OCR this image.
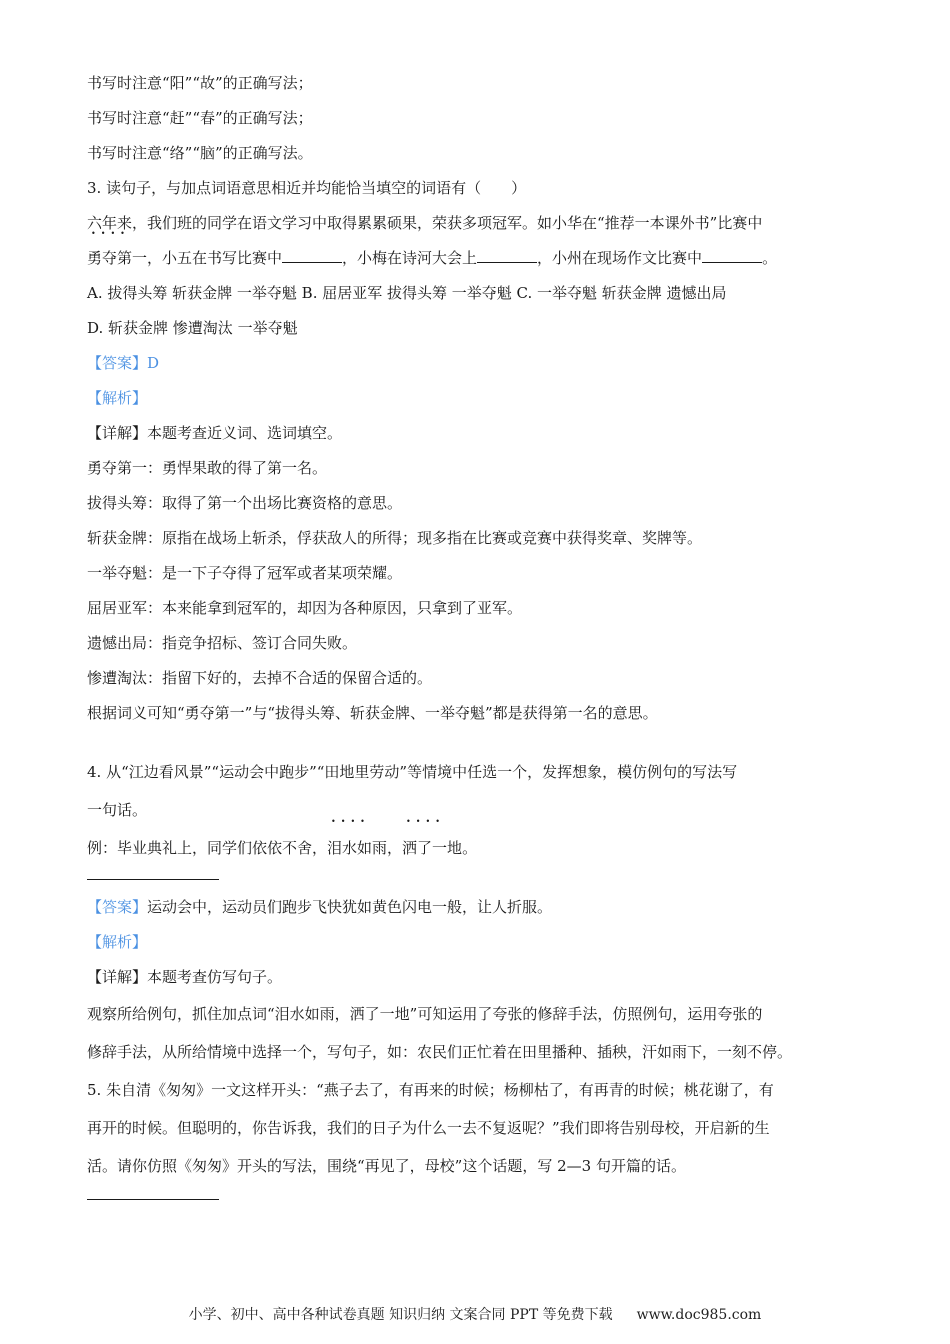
书写时注意“阳”“故”的正确写法；
书写时注意“赶”“春”的正确写法；
书写时注意“络”“脑”的正确写法。
3. 读句子，与加点词语意思相近并均能恰当填空的词语有（　　）
六年来，我们班的同学在语文学习中取得累累硕果，荣获多项冠军。如小华在“推荐一本课外书”比赛中
•••• 勇夺第一，小五在书写比赛中	，小梅在诗河大会上	，小州在现场作文比赛中	。
A. 拔得头筹 斩获金牌 一举夺魁 B. 屈居亚军 拔得头筹 一举夺魁 C. 一举夺魁 斩获金牌 遗憾出局
D. 斩获金牌 惨遭淘汰 一举夺魁
【答案】D
【解析】
【详解】本题考查近义词、选词填空。
勇夺第一：勇悍果敢的得了第一名。
拔得头筹：取得了第一个出场比赛资格的意思。
斩获金牌：原指在战场上斩杀，俘获敌人的所得；现多指在比赛或竞赛中获得奖章、奖牌等。
一举夺魁：是一下子夺得了冠军或者某项荣耀。
屈居亚军：本来能拿到冠军的，却因为各种原因，只拿到了亚军。
遗憾出局：指竞争招标、签订合同失败。
惨遭淘汰：指留下好的，去掉不合适的保留合适的。
根据词义可知“勇夺第一”与“拔得头筹、斩获金牌、一举夺魁”都是获得第一名的意思。
4. 从“江边看风景”“运动会中跑步”“田地里劳动”等情境中任选一个，发挥想象，模仿例句的写法写
一句话。
例：毕业典礼上，同学们依依不舍，•••• 泪水如雨，•••• 洒了一地。
【答案】运动会中，运动员们跑步飞快犹如黄色闪电一般，让人折服。
【解析】
【详解】本题考查仿写句子。
观察所给例句，抓住加点词“泪水如雨，洒了一地”可知运用了夸张的修辞手法，仿照例句，运用夸张的
修辞手法，从所给情境中选择一个，写句子，如：农民们正忙着在田里播种、插秧，汗如雨下，一刻不停。
5. 朱自清《匆匆》一文这样开头：“燕子去了，有再来的时候；杨柳枯了，有再青的时候；桃花谢了，有
再开的时候。但聪明的，你告诉我，我们的日子为什么一去不复返呢？”我们即将告别母校，开启新的生
活。请你仿照《匆匆》开头的写法，围绕“再见了，母校”这个话题，写 2—3 句开篇的话。
小学、初中、高中各种试卷真题 知识归纳 文案合同 PPT 等免费下载 www.doc985.com
